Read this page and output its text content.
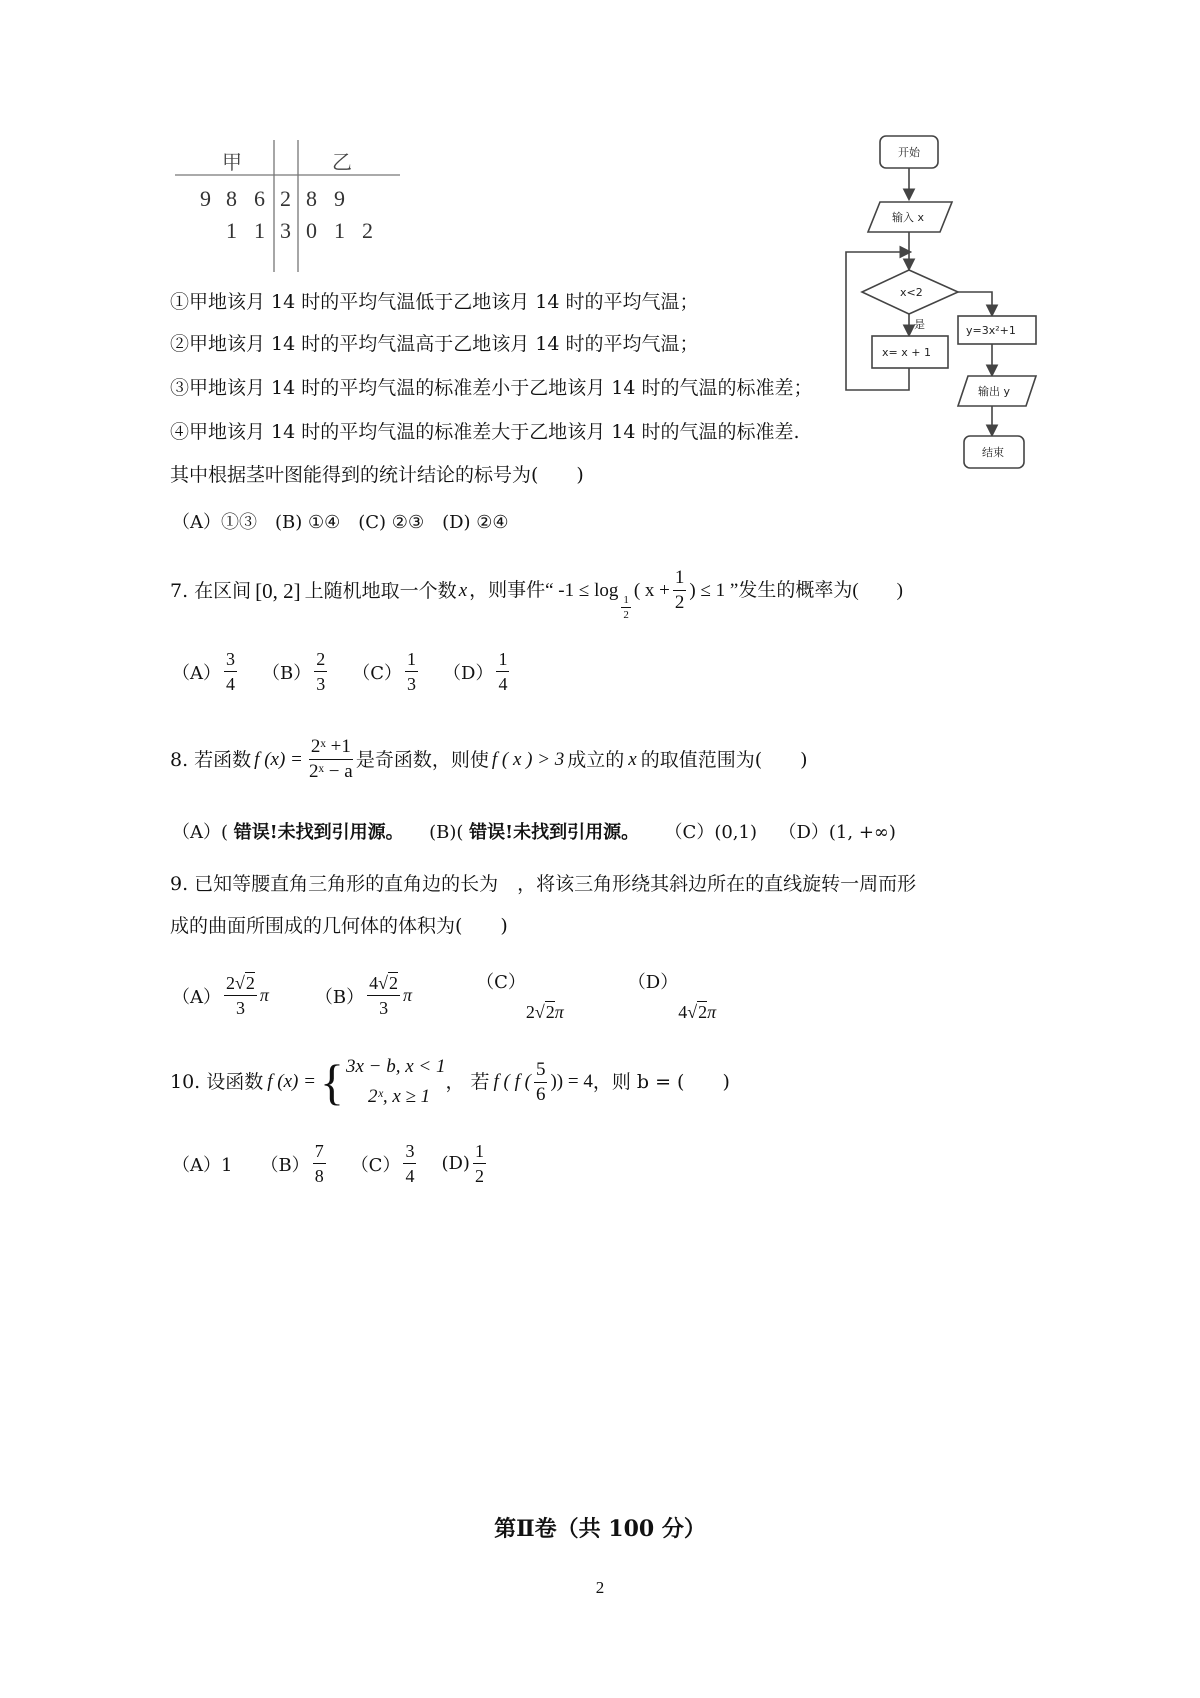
甲	乙
9 8 6 2 8 9
1 1 3 0 1 2
开始
输入 x
x<2
是
x= x + 1
y=3x²+1
输出 y
结束
①甲地该月 14 时的平均气温低于乙地该月 14 时的平均气温；
②甲地该月 14 时的平均气温高于乙地该月 14 时的平均气温；
③甲地该月 14 时的平均气温的标准差小于乙地该月 14 时的气温的标准差；
④甲地该月 14 时的平均气温的标准差大于乙地该月 14 时的气温的标准差.
其中根据茎叶图能得到的统计结论的标号为(　　)
（A）①③　(B) ①④　(C) ②③　(D) ②④
7. 在区间 [0, 2] 上随机地取一个数 x ，则事件“ -1 ≤ log
$\frac{1}{2}$
( $x + \frac{1}{2}$ ) ≤ 1 ”发生的概率为(　　)
$(A) \frac{3}{4} (B) \frac{2}{3} (C) \frac{1}{3} (D) \frac{1}{4}$
8. 若函数 f $(x) = \frac{\text{2ˣ +1}}{\text{2ˣ − a}}$ 是奇函数，则使 f ( x ) > 3 成立的 x 的取值范围为(　　)
（A）( 错误!未找到引用源。 (B)( 错误!未找到引用源。 （C）(0,1) （D）(1, +∞)
9. 已知等腰直角三角形的直角边的长为　，将该三角形绕其斜边所在的直线旋转一周而形
成的曲面所围成的几何体的体积为(　　)
$(A) \frac{2√2}{3}$ π	$(B) \frac{4√2}{3}$ π
（C）
2√2π
（D）
4√2π
10. 设函数 f (x) = { 3x − b, x < 1
2ˣ, x ≥ 1
， 若 f ( f ( $\frac{5}{6}$ )) = 4 ，则 b = (　　)
（A）1 $(B) \frac{7}{8} (C) \frac{3}{4} (D) \frac{1}{2}$
第Ⅱ卷（共 100 分）
2
